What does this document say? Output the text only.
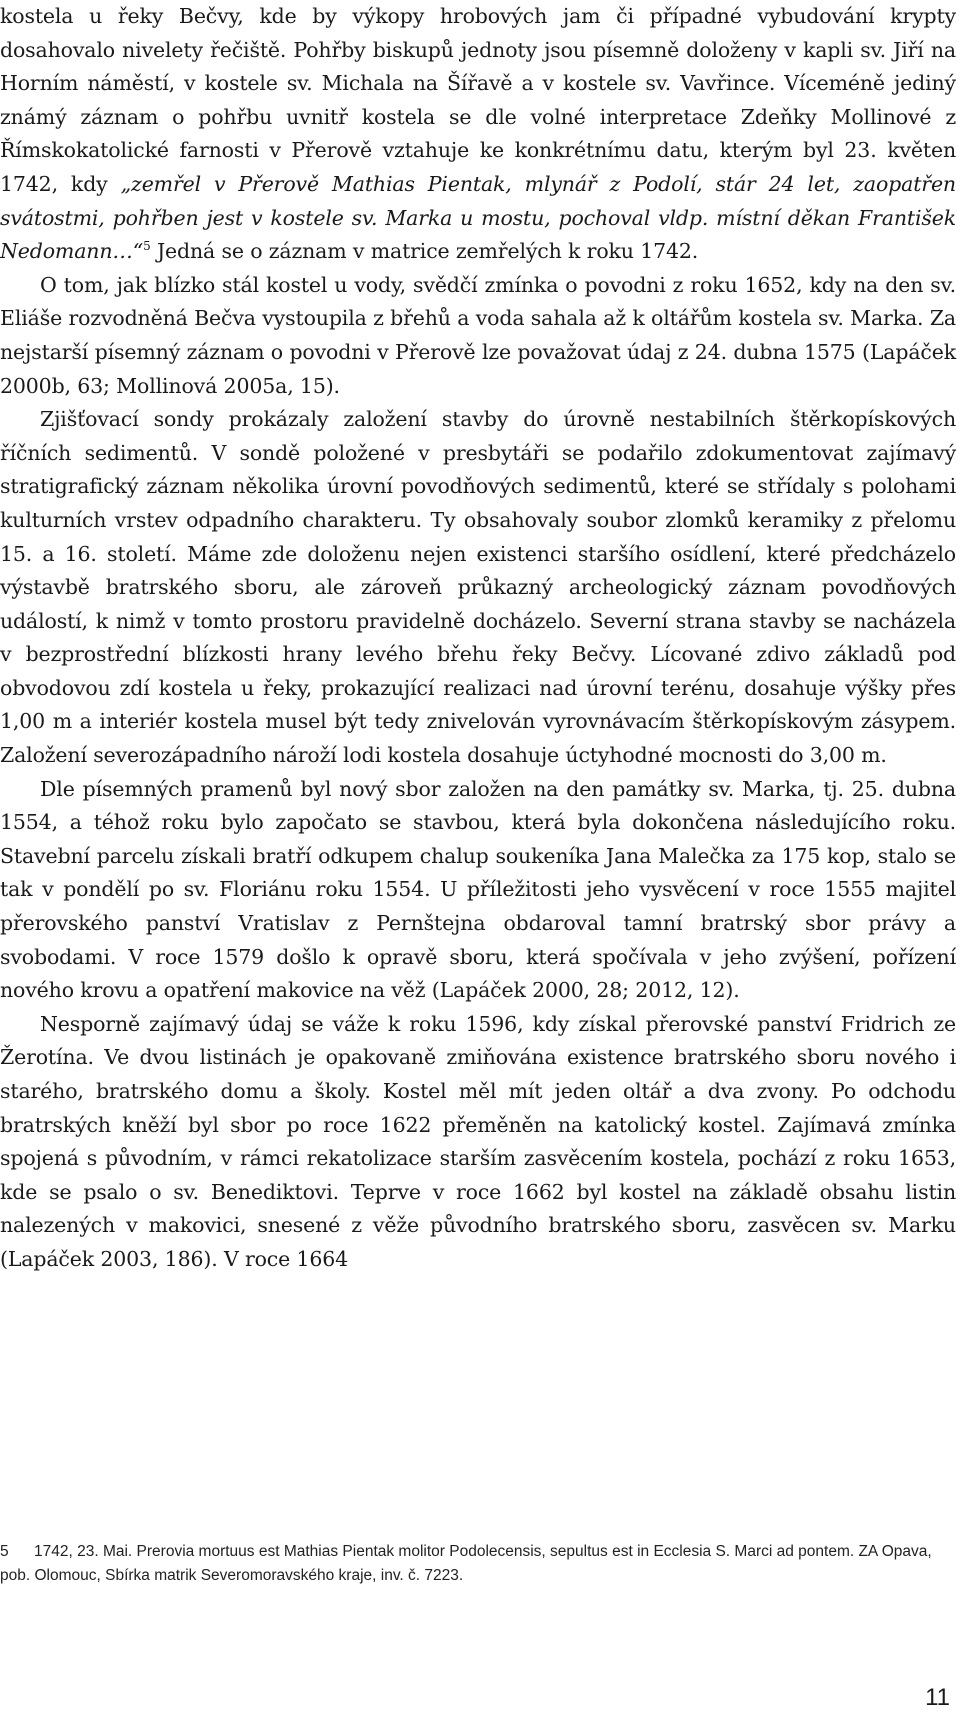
kostela u řeky Bečvy, kde by výkopy hrobových jam či případné vybudování krypty dosahovalo nivelety řečiště. Pohřby biskupů jednoty jsou písemně doloženy v kapli sv. Jiří na Horním náměstí, v kostele sv. Michala na Šířavě a v kostele sv. Vavřince. Víceméně jediný známý záznam o pohřbu uvnitř kostela se dle volné interpretace Zdeňky Mollinové z Římskokatolické farnosti v Přerově vztahuje ke konkrétnímu datu, kterým byl 23. květen 1742, kdy „zemřel v Přerově Mathias Pientak, mlynář z Podolí, stár 24 let, zaopatřen svátostmi, pohřben jest v kostele sv. Marka u mostu, pochoval vldp. místní děkan František Nedomann…“$^5$ Jedná se o záznam v matrice zemřelých k roku 1742.

O tom, jak blízko stál kostel u vody, svědčí zmínka o povodni z roku 1652, kdy na den sv. Eliáše rozvodněná Bečva vystoupila z břehů a voda sahala až k oltářům kostela sv. Marka. Za nejstarší písemný záznam o povodni v Přerově lze považovat údaj z 24. dubna 1575 (Lapáček 2000b, 63; Mollinová 2005a, 15).

Zjišťovací sondy prokázaly založení stavby do úrovně nestabilních štěrkopískových říčních sedimentů. V sondě položené v presbytáři se podařilo zdokumentovat zajímavý stratigrafický záznam několika úrovní povodňových sedimentů, které se střídaly s polohami kulturních vrstev odpadního charakteru. Ty obsahovaly soubor zlomků keramiky z přelomu 15. a 16. století. Máme zde doloženu nejen existenci staršího osídlení, které předcházelo výstavbě bratrského sboru, ale zároveň průkazný archeologický záznam povodňových událostí, k nimž v tomto prostoru pravidelně docházelo. Severní strana stavby se nacházela v bezprostřední blízkosti hrany levého břehu řeky Bečvy. Lícované zdivo základů pod obvodovou zdí kostela u řeky, prokazující realizaci nad úrovní terénu, dosahuje výšky přes 1,00 m a interiér kostela musel být tedy znivelován vyrovnávacím štěrkopískovým zásypem. Založení severozápadního nároží lodi kostela dosahuje úctyhodné mocnosti do 3,00 m.

Dle písemných pramenů byl nový sbor založen na den památky sv. Marka, tj. 25. dubna 1554, a téhož roku bylo započato se stavbou, která byla dokončena následujícího roku. Stavební parcelu získali bratří odkupem chalup soukeníka Jana Malečka za 175 kop, stalo se tak v pondělí po sv. Floriánu roku 1554. U příležitosti jeho vysvěcení v roce 1555 majitel přerovského panství Vratislav z Pernštejna obdaroval tamní bratrský sbor právy a svobodami. V roce 1579 došlo k opravě sboru, která spočívala v jeho zvýšení, pořízení nového krovu a opatření makovice na věž (Lapáček 2000, 28; 2012, 12).

Nesporně zajímavý údaj se váže k roku 1596, kdy získal přerovské panství Fridrich ze Žerotína. Ve dvou listinách je opakovaně zmiňována existence bratrského sboru nového i starého, bratrského domu a školy. Kostel měl mít jeden oltář a dva zvony. Po odchodu bratrských kněží byl sbor po roce 1622 přeměněn na katolický kostel. Zajímavá zmínka spojená s původním, v rámci rekatolizace starším zasvěcením kostela, pochází z roku 1653, kde se psalo o sv. Benediktovi. Teprve v roce 1662 byl kostel na základě obsahu listin nalezených v makovici, snesené z věže původního bratrského sboru, zasvěcen sv. Marku (Lapáček 2003, 186). V roce 1664

5 1742, 23. Mai. Prerovia mortuus est Mathias Pientak molitor Podolecensis, sepultus est in Ecclesia S. Marci ad pontem. ZA Opava, pob. Olomouc, Sbírka matrik Severomoravského kraje, inv. č. 7223.
11
